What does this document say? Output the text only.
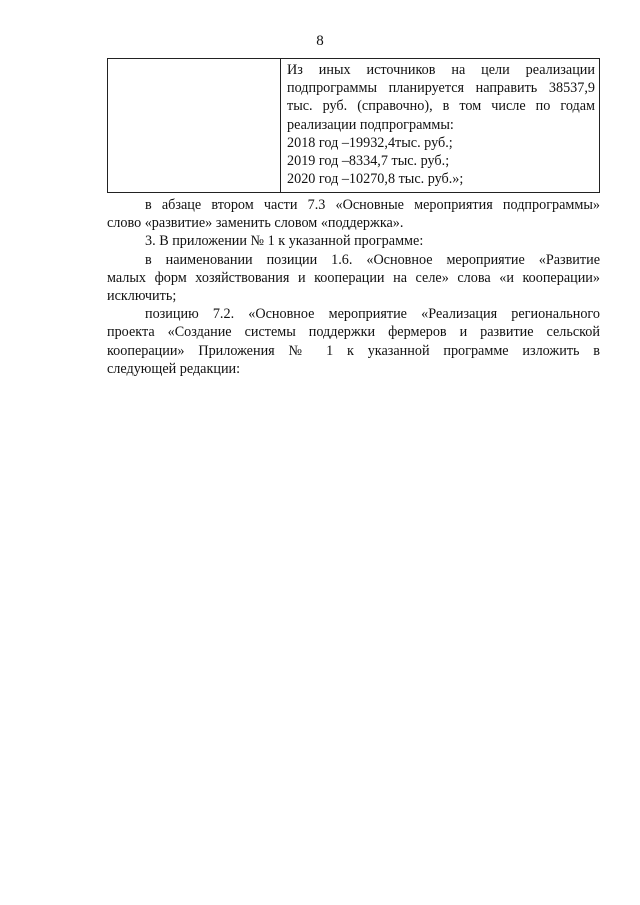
8
Из иных источников на цели реализации
подпрограммы планируется направить 38537,9
тыс. руб. (справочно), в том числе по годам
реализации подпрограммы:
2018 год –19932,4тыс. руб.;
2019 год –8334,7 тыс. руб.;
2020 год –10270,8 тыс. руб.»;
в абзаце втором части 7.3 «Основные мероприятия подпрограммы»
слово «развитие» заменить словом «поддержка».
3. В приложении № 1 к указанной программе:
в наименовании позиции 1.6. «Основное мероприятие «Развитие
малых форм хозяйствования и кооперации на селе» слова «и кооперации»
исключить;
позицию 7.2. «Основное мероприятие «Реализация регионального
проекта «Создание системы поддержки фермеров и развитие сельской
кооперации» Приложения № 1 к указанной программе изложить в
следующей редакции:
